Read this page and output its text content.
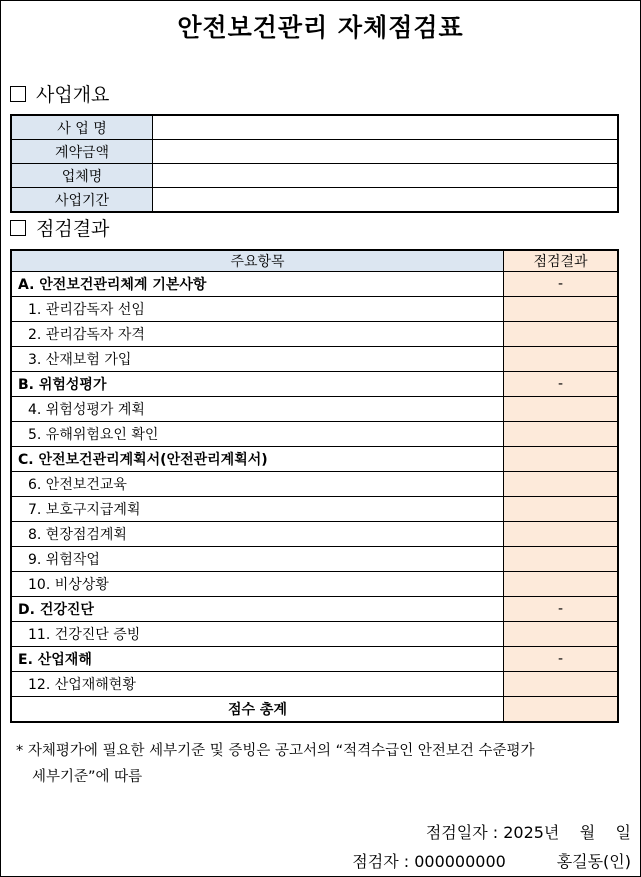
안전보건관리 자체점검표
사업개요
사 업 명	
계약금액	
업체명	
사업기간	
점검결과
주요항목	점검결과
A. 안전보건관리체계 기본사항	-
1. 관리감독자 선임	
2. 관리감독자 자격	
3. 산재보험 가입	
B. 위험성평가	-
4. 위험성평가 계획	
5. 유해위험요인 확인	
C. 안전보건관리계획서(안전관리계획서)	
6. 안전보건교육	
7. 보호구지급계획	
8. 현장점검계획	
9. 위험작업	
10. 비상상황	
D. 건강진단	-
11. 건강진단 증빙	
E. 산업재해	-
12. 산업재해현황	
점수 총계	
* 자체평가에 필요한 세부기준 및 증빙은 공고서의 “적격수급인 안전보건 수준평가
세부기준”에 따름
점검일자 : 2025년    월    일
점검자 : 000000000          홍길동(인)
